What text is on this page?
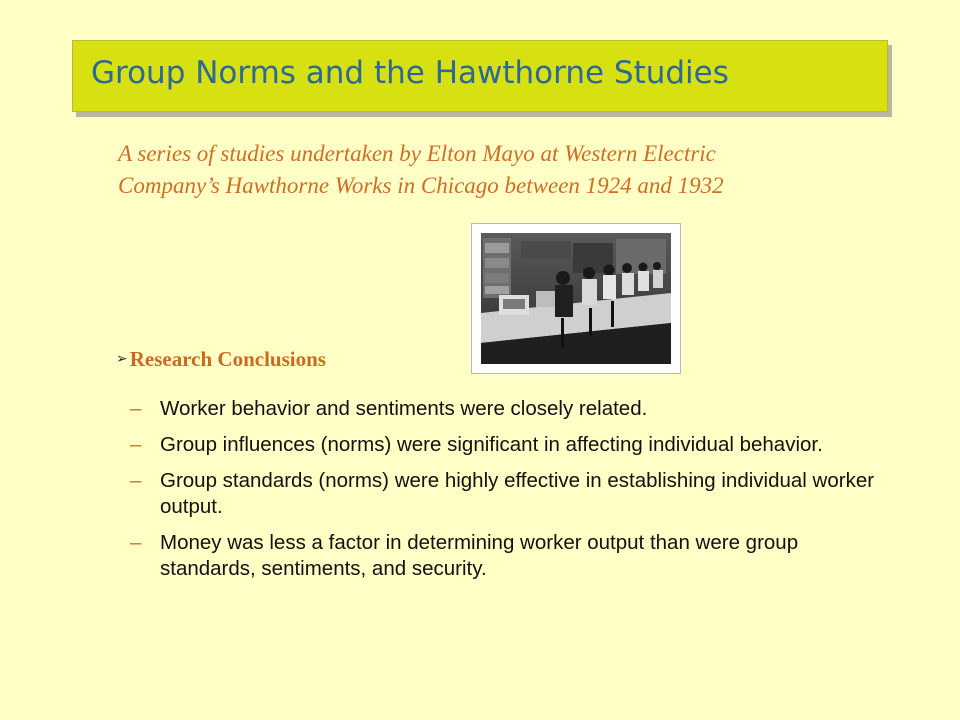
Group Norms and the Hawthorne Studies
A series of studies undertaken by Elton Mayo at Western Electric Company’s Hawthorne Works in Chicago between 1924 and 1932
➢ Research Conclusions
– Worker behavior and sentiments were closely related.
– Group influences (norms) were significant in affecting individual behavior.
– Group standards (norms) were highly effective in establishing individual worker output.
– Money was less a factor in determining worker output than were group standards, sentiments, and security.
